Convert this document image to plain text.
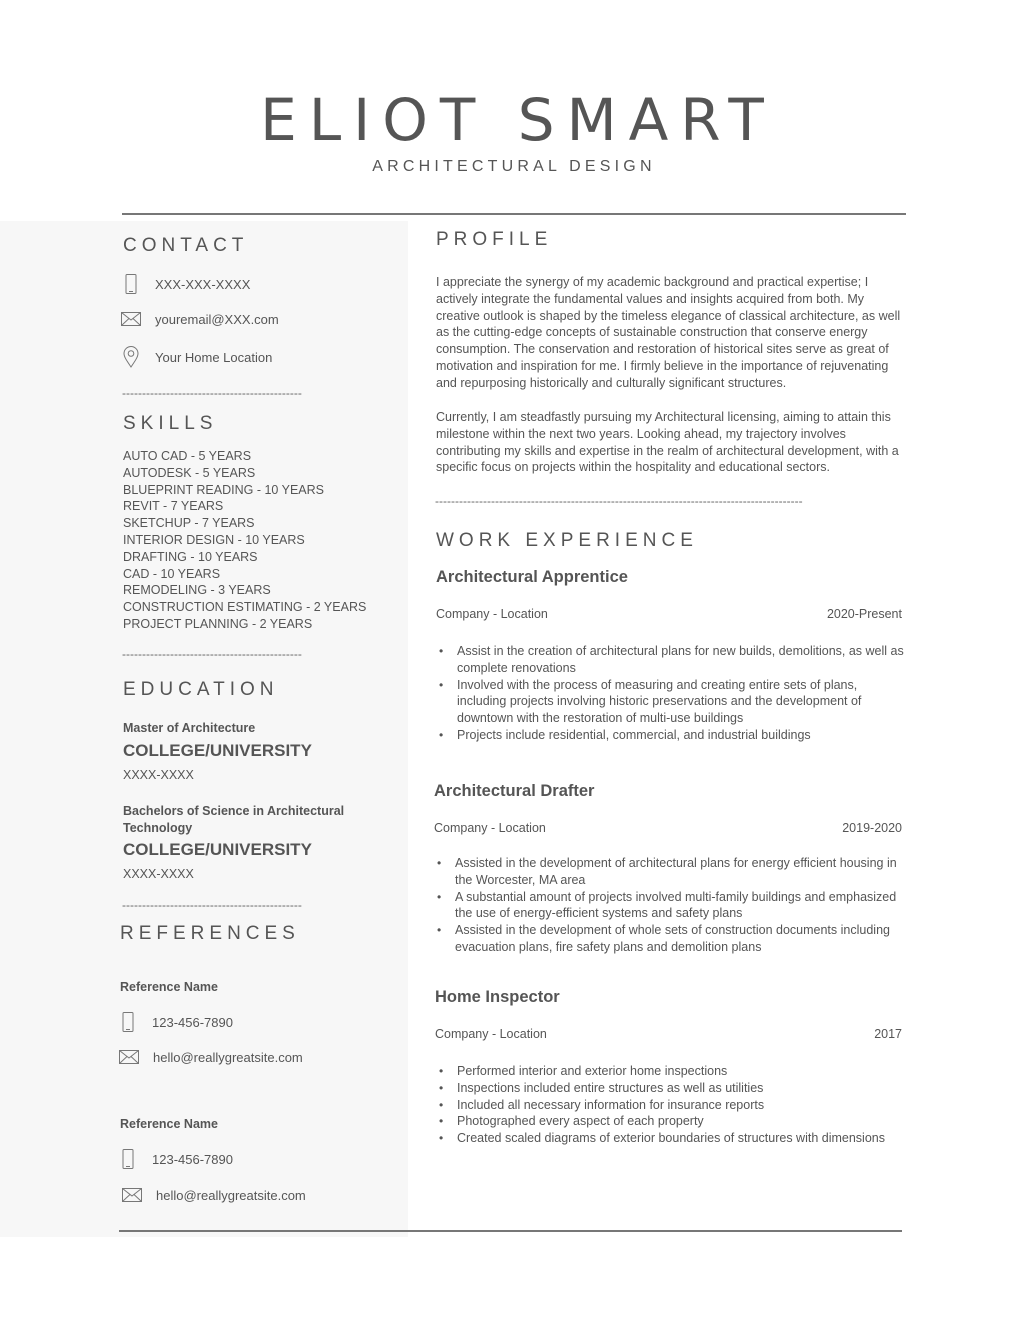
ELIOT SMART
ARCHITECTURAL DESIGN
CONTACT
XXX-XXX-XXXX
youremail@XXX.com
Your Home Location
---------------------------------------------
SKILLS
AUTO CAD - 5 YEARS
AUTODESK - 5 YEARS
BLUEPRINT READING - 10 YEARS
REVIT - 7 YEARS
SKETCHUP - 7 YEARS
INTERIOR DESIGN - 10 YEARS
DRAFTING - 10 YEARS
CAD - 10 YEARS
REMODELING - 3 YEARS
CONSTRUCTION ESTIMATING - 2 YEARS
PROJECT PLANNING - 2 YEARS
---------------------------------------------
EDUCATION
Master of Architecture
COLLEGE/UNIVERSITY
XXXX-XXXX
Bachelors of Science in Architectural Technology
COLLEGE/UNIVERSITY
XXXX-XXXX
---------------------------------------------
REFERENCES
Reference Name
123-456-7890
hello@reallygreatsite.com
Reference Name
123-456-7890
hello@reallygreatsite.com
PROFILE
I appreciate the synergy of my academic background and practical expertise; I actively integrate the fundamental values and insights acquired from both. My creative outlook is shaped by the timeless elegance of classical architecture, as well as the cutting-edge concepts of sustainable construction that conserve energy consumption. The conservation and restoration of historical sites serve as great of motivation and inspiration for me. I firmly believe in the importance of rejuvenating and repurposing historically and culturally significant structures.
Currently, I am steadfastly pursuing my Architectural licensing, aiming to attain this milestone within the next two years. Looking ahead, my trajectory involves contributing my skills and expertise in the realm of architectural development, with a specific focus on projects within the hospitality and educational sectors.
--------------------------------------------------------------------------------------------
WORK EXPERIENCE
Architectural Apprentice
Company - Location	2020-Present
• Assist in the creation of architectural plans for new builds, demolitions, as well as complete renovations
• Involved with the process of measuring and creating entire sets of plans, including projects involving historic preservations and the development of downtown with the restoration of multi-use buildings
• Projects include residential, commercial, and industrial buildings
Architectural Drafter
Company - Location	2019-2020
• Assisted in the development of architectural plans for energy efficient housing in the Worcester, MA area
• A substantial amount of projects involved multi-family buildings and emphasized the use of energy-efficient systems and safety plans
• Assisted in the development of whole sets of construction documents including evacuation plans, fire safety plans and demolition plans
Home Inspector
Company - Location	2017
• Performed interior and exterior home inspections
• Inspections included entire structures as well as utilities
• Included all necessary information for insurance reports
• Photographed every aspect of each property
• Created scaled diagrams of exterior boundaries of structures with dimensions
